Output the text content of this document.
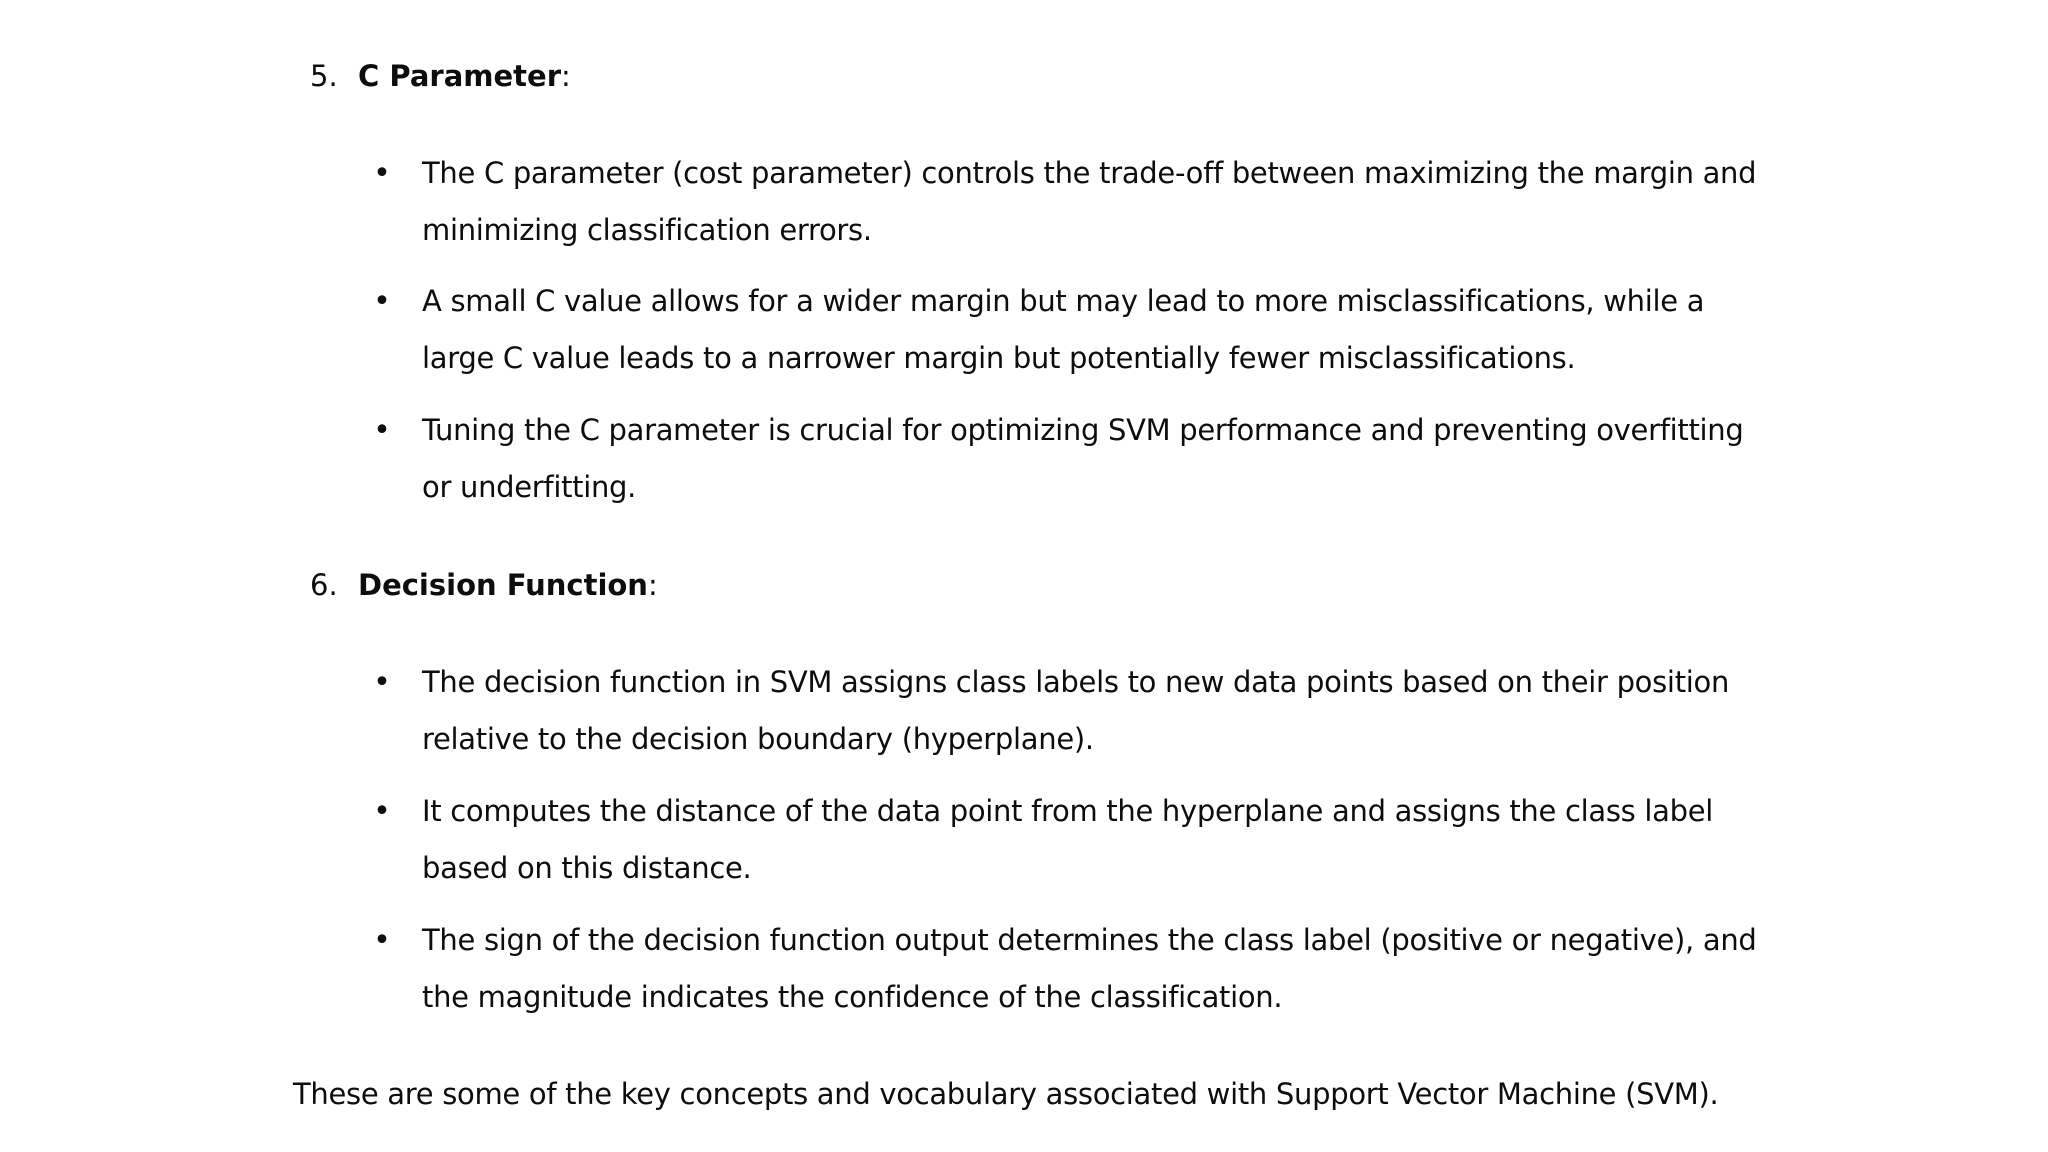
5. C Parameter:
• The C parameter (cost parameter) controls the trade-off between maximizing the margin and minimizing classification errors.
• A small C value allows for a wider margin but may lead to more misclassifications, while a large C value leads to a narrower margin but potentially fewer misclassifications.
• Tuning the C parameter is crucial for optimizing SVM performance and preventing overfitting or underfitting.
6. Decision Function:
• The decision function in SVM assigns class labels to new data points based on their position relative to the decision boundary (hyperplane).
• It computes the distance of the data point from the hyperplane and assigns the class label based on this distance.
• The sign of the decision function output determines the class label (positive or negative), and the magnitude indicates the confidence of the classification.
These are some of the key concepts and vocabulary associated with Support Vector Machine (SVM).
